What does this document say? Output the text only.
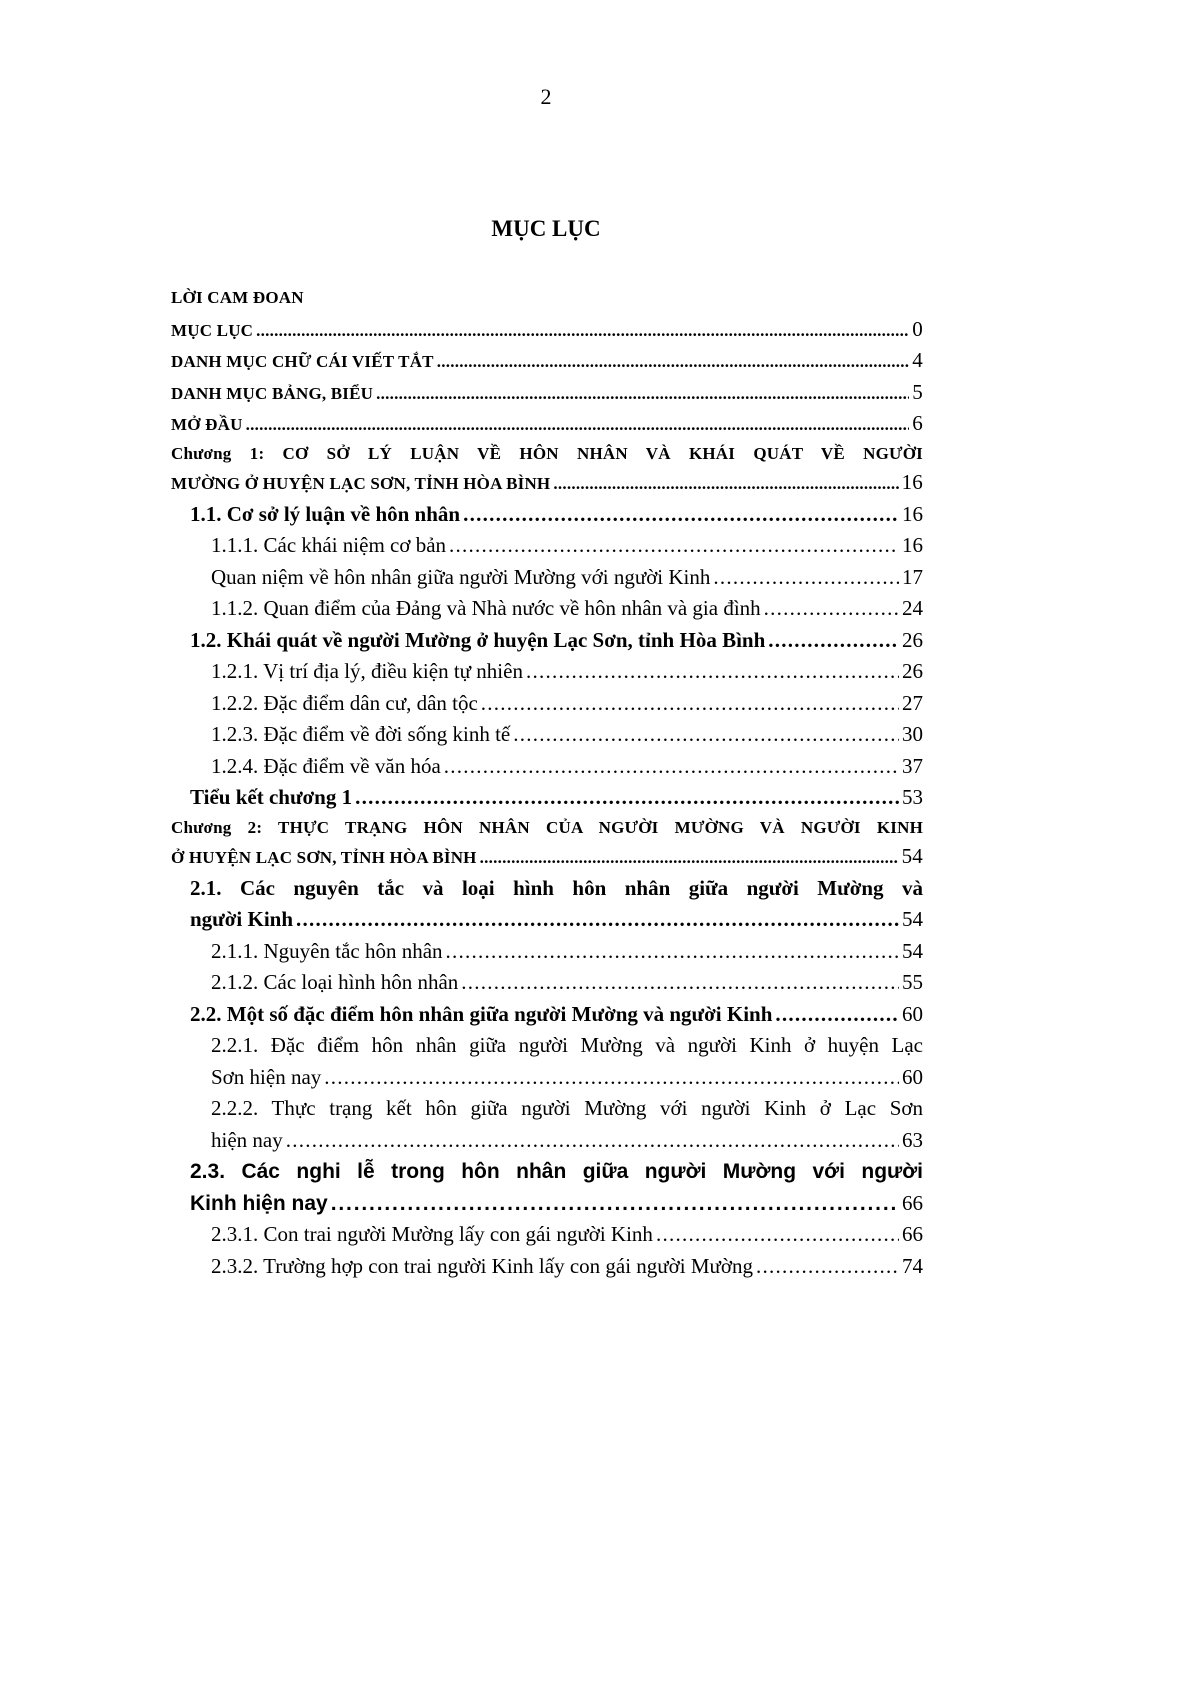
2
MỤC LỤC
LỜI CAM ĐOAN
MỤC LỤC . . .	0
DANH MỤC CHỮ CÁI VIẾT TẮT . . .	4
DANH MỤC BẢNG, BIỂU . . .	5
MỞ ĐẦU . . .	6
Chương 1: CƠ SỞ LÝ LUẬN VỀ HÔN NHÂN VÀ KHÁI QUÁT VỀ NGƯỜI
MƯỜNG Ở HUYỆN LẠC SƠN, TỈNH HÒA BÌNH . . .	16
1.1. Cơ sở lý luận về hôn nhân . . .	16
1.1.1. Các khái niệm cơ bản . . .	16
Quan niệm về hôn nhân giữa người Mường với người Kinh . . .	17
1.1.2. Quan điểm của Đảng và Nhà nước về hôn nhân và gia đình . . .	24
1.2. Khái quát về người Mường ở huyện Lạc Sơn, tỉnh Hòa Bình . . .	26
1.2.1. Vị trí địa lý, điều kiện tự nhiên . . .	26
1.2.2. Đặc điểm dân cư, dân tộc . . .	27
1.2.3. Đặc điểm về đời sống kinh tế . . .	30
1.2.4. Đặc điểm về văn hóa . . .	37
Tiểu kết chương 1 . . .	53
Chương 2: THỰC TRẠNG HÔN NHÂN CỦA NGƯỜI MƯỜNG VÀ NGƯỜI KINH
Ở HUYỆN LẠC SƠN, TỈNH HÒA BÌNH . . .	54
2.1. Các nguyên tắc và loại hình hôn nhân giữa người Mường và
người Kinh . . .	54
2.1.1. Nguyên tắc hôn nhân . . .	54
2.1.2. Các loại hình hôn nhân . . .	55
2.2. Một số đặc điểm hôn nhân giữa người Mường và người Kinh . . .	60
2.2.1. Đặc điểm hôn nhân giữa người Mường và người Kinh ở huyện Lạc
Sơn hiện nay . . .	60
2.2.2. Thực trạng kết hôn giữa người Mường với người Kinh ở Lạc Sơn
hiện nay . . .	63
2.3. Các nghi lễ trong hôn nhân giữa người Mường với người
Kinh hiện nay . . .	66
2.3.1. Con trai người Mường lấy con gái người Kinh . . .	66
2.3.2. Trường hợp con trai người Kinh lấy con gái người Mường . . .	74
